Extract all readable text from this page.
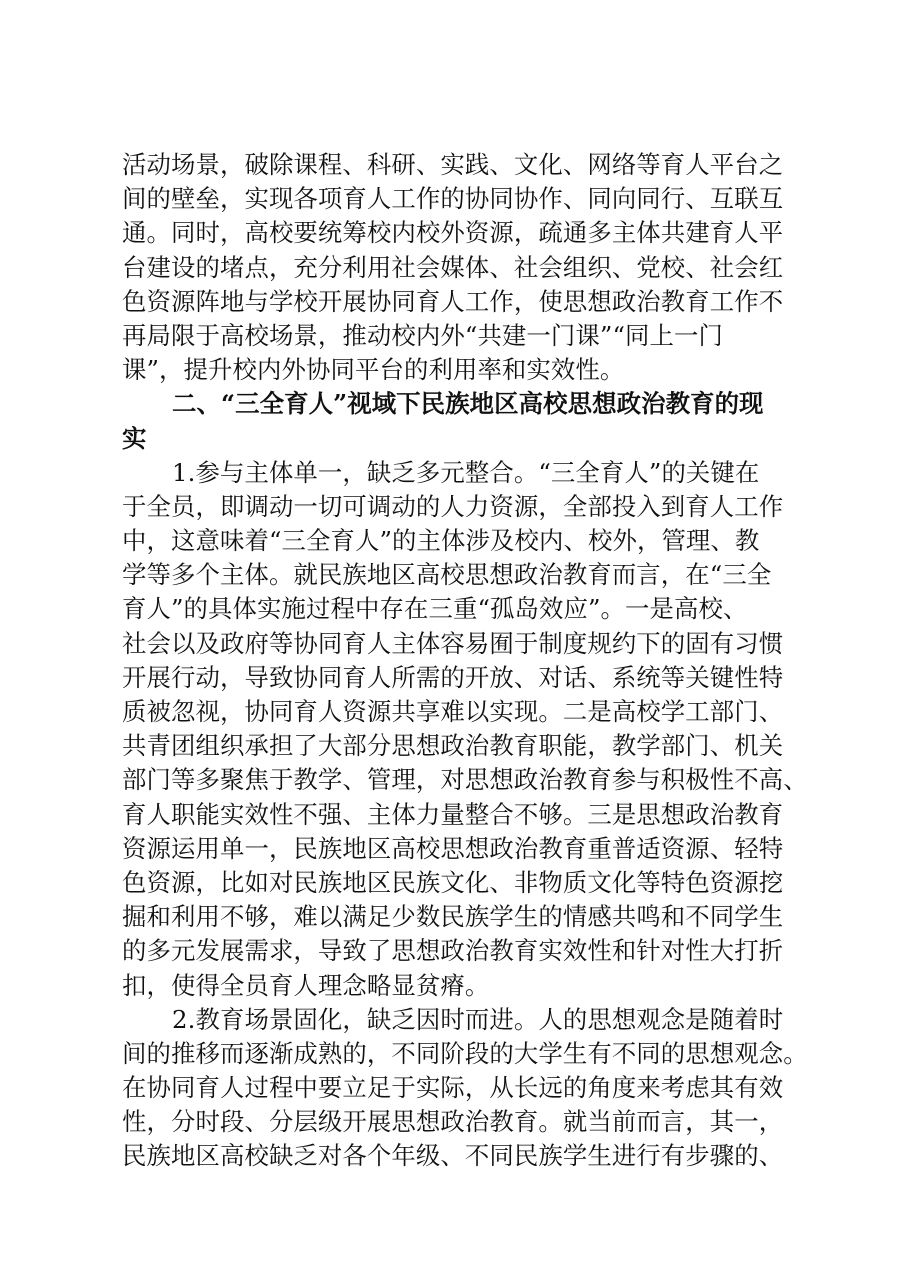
活动场景，破除课程、科研、实践、文化、网络等育人平台之
间的壁垒，实现各项育人工作的协同协作、同向同行、互联互
通。同时，高校要统筹校内校外资源，疏通多主体共建育人平
台建设的堵点，充分利用社会媒体、社会组织、党校、社会红
色资源阵地与学校开展协同育人工作，使思想政治教育工作不
再局限于高校场景，推动校内外“共建一门课”“同上一门
课”，提升校内外协同平台的利用率和实效性。
二、“三全育人”视域下民族地区高校思想政治教育的现
实
1.参与主体单一，缺乏多元整合。“三全育人”的关键在
于全员，即调动一切可调动的人力资源，全部投入到育人工作
中，这意味着“三全育人”的主体涉及校内、校外，管理、教
学等多个主体。就民族地区高校思想政治教育而言，在“三全
育人”的具体实施过程中存在三重“孤岛效应”。一是高校、
社会以及政府等协同育人主体容易囿于制度规约下的固有习惯
开展行动，导致协同育人所需的开放、对话、系统等关键性特
质被忽视，协同育人资源共享难以实现。二是高校学工部门、
共青团组织承担了大部分思想政治教育职能，教学部门、机关
部门等多聚焦于教学、管理，对思想政治教育参与积极性不高、
育人职能实效性不强、主体力量整合不够。三是思想政治教育
资源运用单一，民族地区高校思想政治教育重普适资源、轻特
色资源，比如对民族地区民族文化、非物质文化等特色资源挖
掘和利用不够，难以满足少数民族学生的情感共鸣和不同学生
的多元发展需求，导致了思想政治教育实效性和针对性大打折
扣，使得全员育人理念略显贫瘠。
2.教育场景固化，缺乏因时而进。人的思想观念是随着时
间的推移而逐渐成熟的，不同阶段的大学生有不同的思想观念。
在协同育人过程中要立足于实际，从长远的角度来考虑其有效
性，分时段、分层级开展思想政治教育。就当前而言，其一，
民族地区高校缺乏对各个年级、不同民族学生进行有步骤的、
